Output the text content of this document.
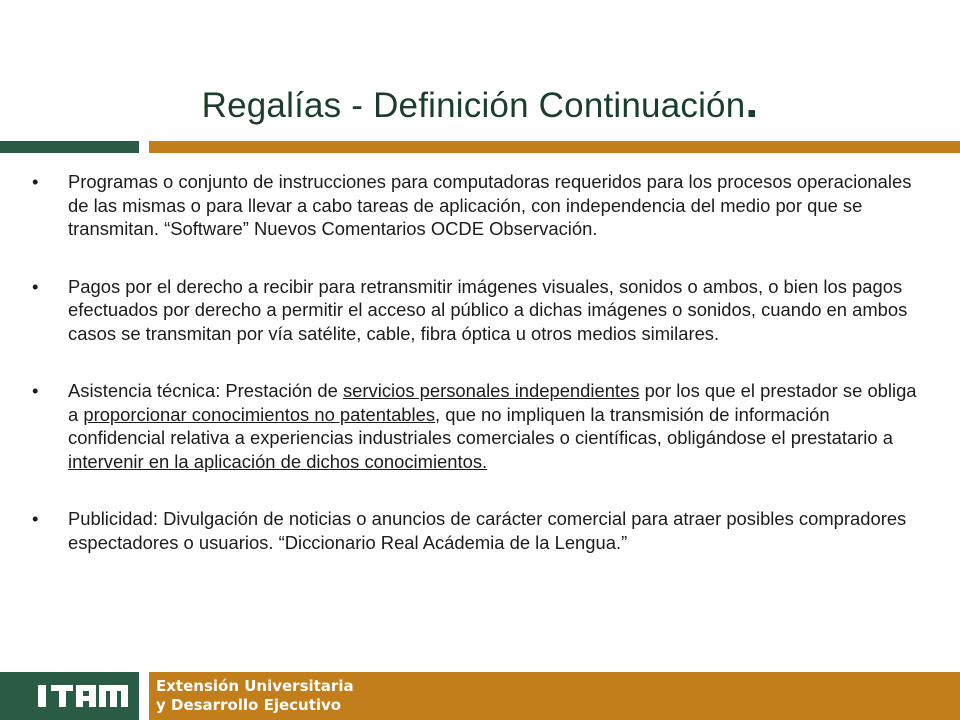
Regalías - Definición Continuación.
• Programas o conjunto de instrucciones para computadoras requeridos para los procesos operacionales de las mismas o para llevar a cabo tareas de aplicación, con independencia del medio por que se transmitan. “Software” Nuevos Comentarios OCDE Observación.
• Pagos por el derecho a recibir para retransmitir imágenes visuales, sonidos o ambos, o bien los pagos efectuados por derecho a permitir el acceso al público a dichas imágenes o sonidos, cuando en ambos casos se transmitan por vía satélite, cable, fibra óptica u otros medios similares.
• Asistencia técnica: Prestación de servicios personales independientes por los que el prestador se obliga a proporcionar conocimientos no patentables, que no impliquen la transmisión de información confidencial relativa a experiencias industriales comerciales o científicas, obligándose el prestatario a intervenir en la aplicación de dichos conocimientos.
• Publicidad: Divulgación de noticias o anuncios de carácter comercial para atraer posibles compradores espectadores o usuarios. “Diccionario Real Acádemia de la Lengua.”
Extensión Universitaria
y Desarrollo Ejecutivo
